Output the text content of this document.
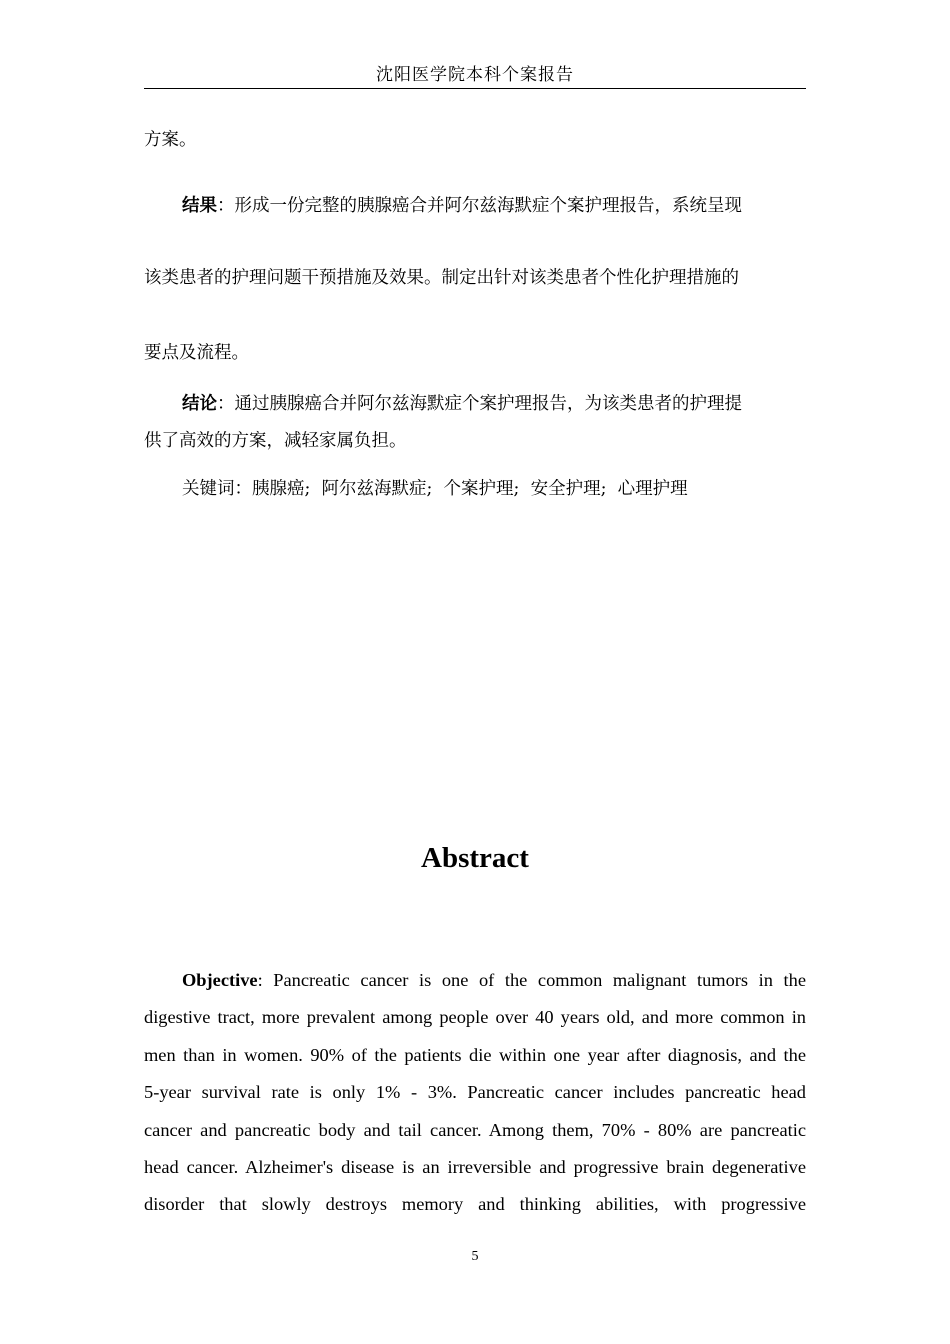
沈阳医学院本科个案报告
方案。
结果：形成一份完整的胰腺癌合并阿尔兹海默症个案护理报告，系统呈现
该类患者的护理问题干预措施及效果。制定出针对该类患者个性化护理措施的
要点及流程。
结论：通过胰腺癌合并阿尔兹海默症个案护理报告，为该类患者的护理提
供了高效的方案，减轻家属负担。
关键词：胰腺癌;  阿尔兹海默症;  个案护理;  安全护理;  心理护理
Abstract
Objective: Pancreatic cancer is one of the common malignant tumors in the
digestive tract, more prevalent among people over 40 years old, and more common in
men than in women. 90% of the patients die within one year after diagnosis, and the
5-year survival rate is only 1% - 3%. Pancreatic cancer includes pancreatic head
cancer and pancreatic body and tail cancer. Among them, 70% - 80% are pancreatic
head cancer. Alzheimer's disease is an irreversible and progressive brain degenerative
disorder that slowly destroys memory and thinking abilities, with progressive
5
